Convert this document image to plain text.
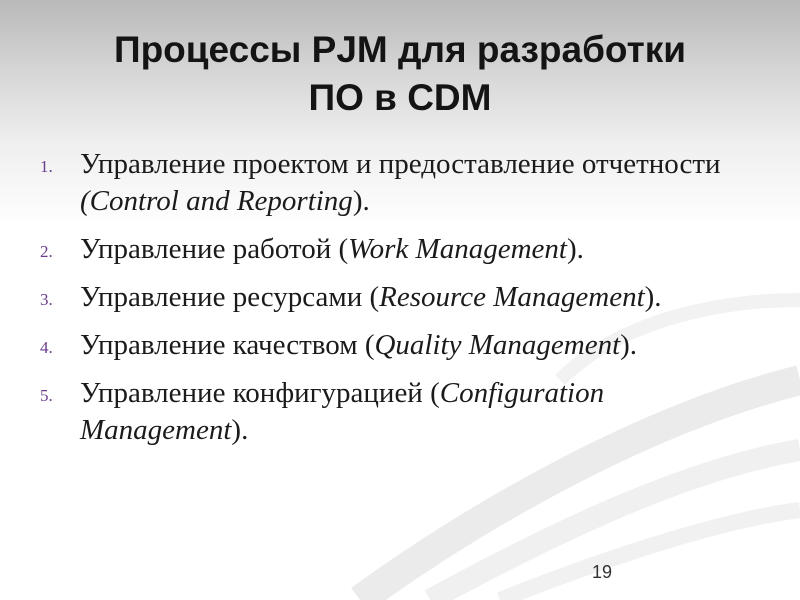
Процессы PJM для разработки
ПО в CDM
1. Управление проектом и предоставление отчетности (Control and Reporting).
2. Управление работой (Work Management).
3. Управление ресурсами (Resource Management).
4. Управление качеством (Quality Management).
5. Управление конфигурацией (Configuration Management).
19
